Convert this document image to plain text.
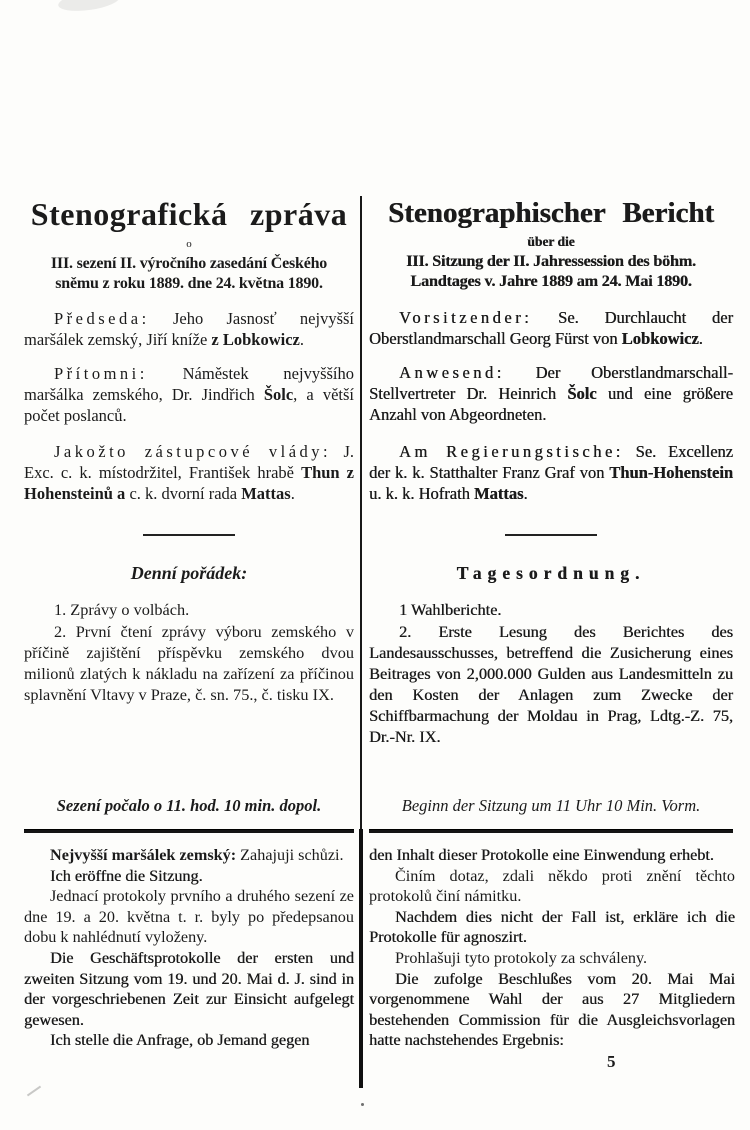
Stenografická zpráva
o
III. sezení II. výročního zasedání Českého
sněmu z roku 1889. dne 24. května 1890.

Předseda: Jeho Jasnosť nejvyšší maršálek zemský, Jiří kníže z Lobkowicz.

Přítomni: Náměstek nejvyššího maršálka zemského, Dr. Jindřich Šolc, a větší počet poslanců.

Jakožto zástupcové vlády: J. Exc. c. k. místodržitel, František hrabě Thun z Hohensteinů a c. k. dvorní rada Mattas.

Denní pořádek:

1. Zprávy o volbách.

2. První čtení zprávy výboru zemského v příčině zajištění příspěvku zemského dvou milionů zlatých k nákladu na zařízení za příčinou splavnění Vltavy v Praze, č. sn. 75., č. tisku IX.

Sezení počalo o 11. hod. 10 min. dopol.
Stenographischer Bericht
über die
III. Sitzung der II. Jahressession des böhm.
Landtages v. Jahre 1889 am 24. Mai 1890.

Vorsitzender: Se. Durchlaucht der Oberstlandmarschall Georg Fürst von Lobkowicz.

Anwesend: Der Oberstlandmarschall-Stellvertreter Dr. Heinrich Šolc und eine größere Anzahl von Abgeordneten.

Am Regierungstische: Se. Excellenz der k. k. Statthalter Franz Graf von Thun-Hohenstein u. k. k. Hofrath Mattas.

Tagesordnung.

1 Wahlberichte.

2. Erste Lesung des Berichtes des Landesausschusses, betreffend die Zusicherung eines Beitrages von 2,000.000 Gulden aus Landesmitteln zu den Kosten der Anlagen zum Zwecke der Schiffbarmachung der Moldau in Prag, Ldtg.-Z. 75, Dr.-Nr. IX.

Beginn der Sitzung um 11 Uhr 10 Min. Vorm.

Nejvyšší maršálek zemský: Zahajuji schůzi.

Ich eröffne die Sitzung.

Jednací protokoly prvního a druhého sezení ze dne 19. a 20. května t. r. byly po předepsanou dobu k nahlédnutí vyloženy.

Die Geschäftsprotokolle der ersten und zweiten Sitzung vom 19. und 20. Mai d. J. sind in der vorgeschriebenen Zeit zur Einsicht aufgelegt gewesen.

Ich stelle die Anfrage, ob Jemand gegen

den Inhalt dieser Protokolle eine Einwendung erhebt.

Činím dotaz, zdali někdo proti znění těchto protokolů činí námitku.

Nachdem dies nicht der Fall ist, erkläre ich die Protokolle für agnoszirt.

Prohlašuji tyto protokoly za schváleny.

Die zufolge Beschlußes vom 20. Mai Mai vorgenommene Wahl der aus 27 Mitgliedern bestehenden Commission für die Ausgleichsvorlagen hatte nachstehendes Ergebnis:

5
